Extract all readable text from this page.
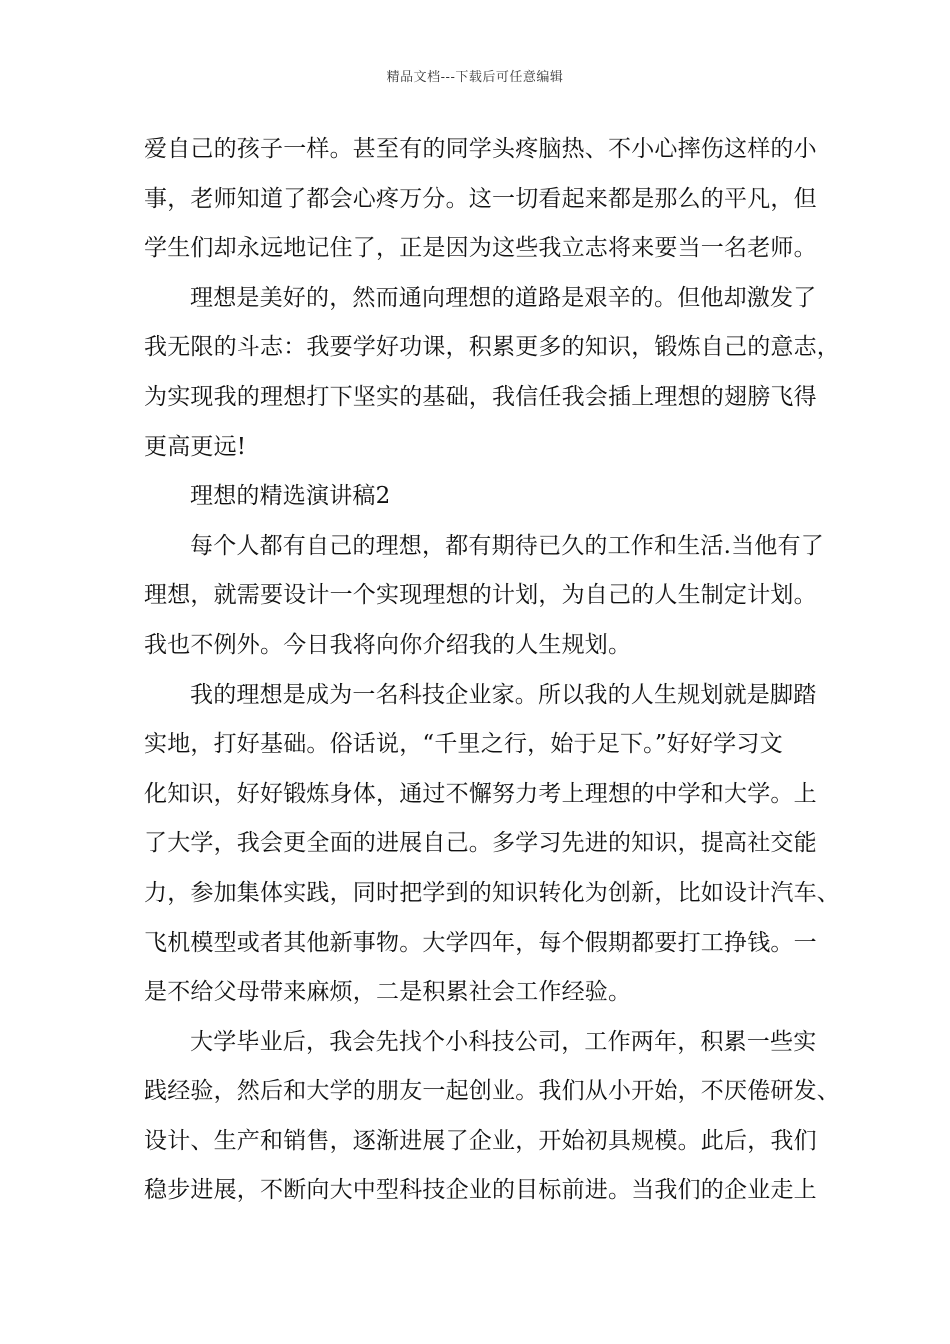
精品文档---下载后可任意编辑
爱自己的孩子一样。甚至有的同学头疼脑热、不小心摔伤这样的小
事，老师知道了都会心疼万分。这一切看起来都是那么的平凡，但
学生们却永远地记住了，正是因为这些我立志将来要当一名老师。
理想是美好的，然而通向理想的道路是艰辛的。但他却激发了
我无限的斗志：我要学好功课，积累更多的知识，锻炼自己的意志，
为实现我的理想打下坚实的基础，我信任我会插上理想的翅膀飞得
更高更远!
理想的精选演讲稿2
每个人都有自己的理想，都有期待已久的工作和生活.当他有了
理想，就需要设计一个实现理想的计划，为自己的人生制定计划。
我也不例外。今日我将向你介绍我的人生规划。
我的理想是成为一名科技企业家。所以我的人生规划就是脚踏
实地，打好基础。俗话说，“千里之行，始于足下。”好好学习文
化知识，好好锻炼身体，通过不懈努力考上理想的中学和大学。上
了大学，我会更全面的进展自己。多学习先进的知识，提高社交能
力，参加集体实践，同时把学到的知识转化为创新，比如设计汽车、
飞机模型或者其他新事物。大学四年，每个假期都要打工挣钱。一
是不给父母带来麻烦，二是积累社会工作经验。
大学毕业后，我会先找个小科技公司，工作两年，积累一些实
践经验，然后和大学的朋友一起创业。我们从小开始，不厌倦研发、
设计、生产和销售，逐渐进展了企业，开始初具规模。此后，我们
稳步进展，不断向大中型科技企业的目标前进。当我们的企业走上
